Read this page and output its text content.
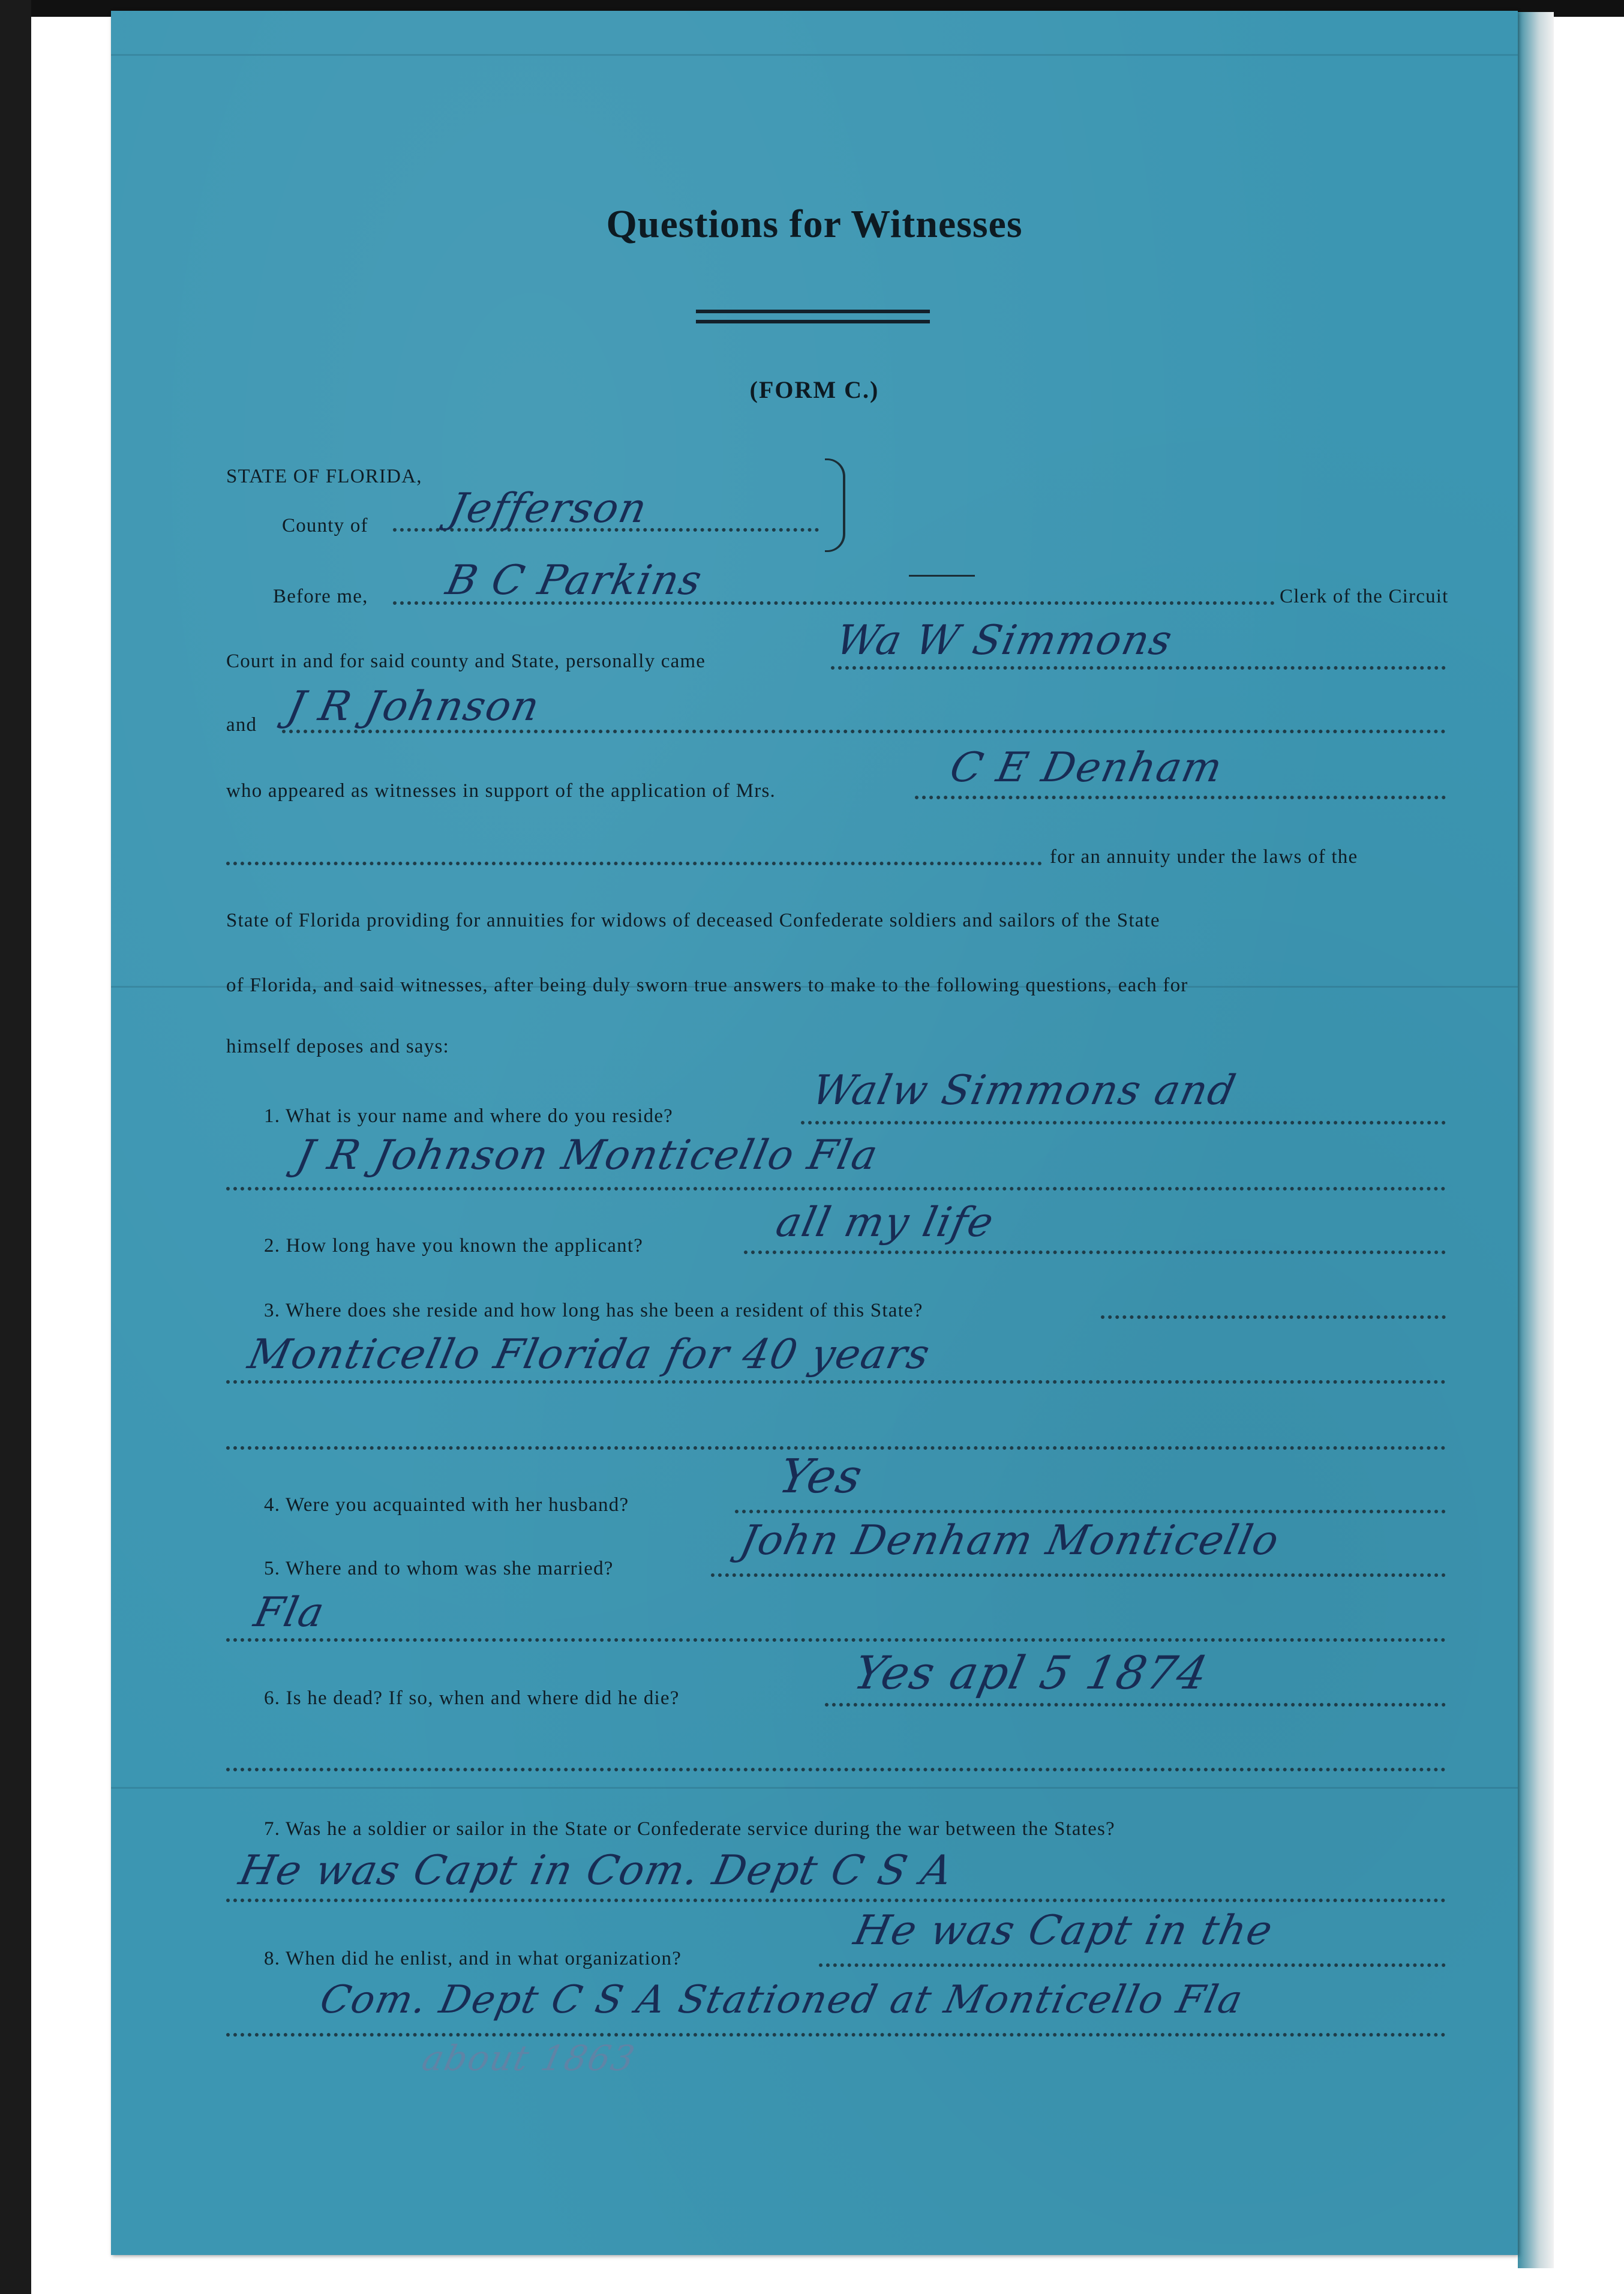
Questions for Witnesses
(FORM C.)
STATE OF FLORIDA,
County of Jefferson
Before me, B C Parkins	Clerk of the Circuit
Court in and for said county and State, personally came	Wa W Simmons
and J R Johnson
who appeared as witnesses in support of the application of Mrs.	C E Denham
for an annuity under the laws of the
State of Florida providing for annuities for widows of deceased Confederate soldiers and sailors of the State
of Florida, and said witnesses, after being duly sworn true answers to make to the following questions, each for
himself deposes and says:
1. What is your name and where do you reside?
Walw Simmons and
J R Johnson Monticello Fla
2. How long have you known the applicant?	all my life
3. Where does she reside and how long has she been a resident of this State?
Monticello Florida for 40 years
4. Were you acquainted with her husband?
Yes
5. Where and to whom was she married?
John Denham Monticello
Fla
6. Is he dead? If so, when and where did he die?	Yes apl 5 1874
7. Was he a soldier or sailor in the State or Confederate service during the war between the States?
He was Capt in Com. Dept C S A
8. When did he enlist, and in what organization?
He was Capt in the
Com. Dept C S A Stationed at Monticello Fla
about 1863
